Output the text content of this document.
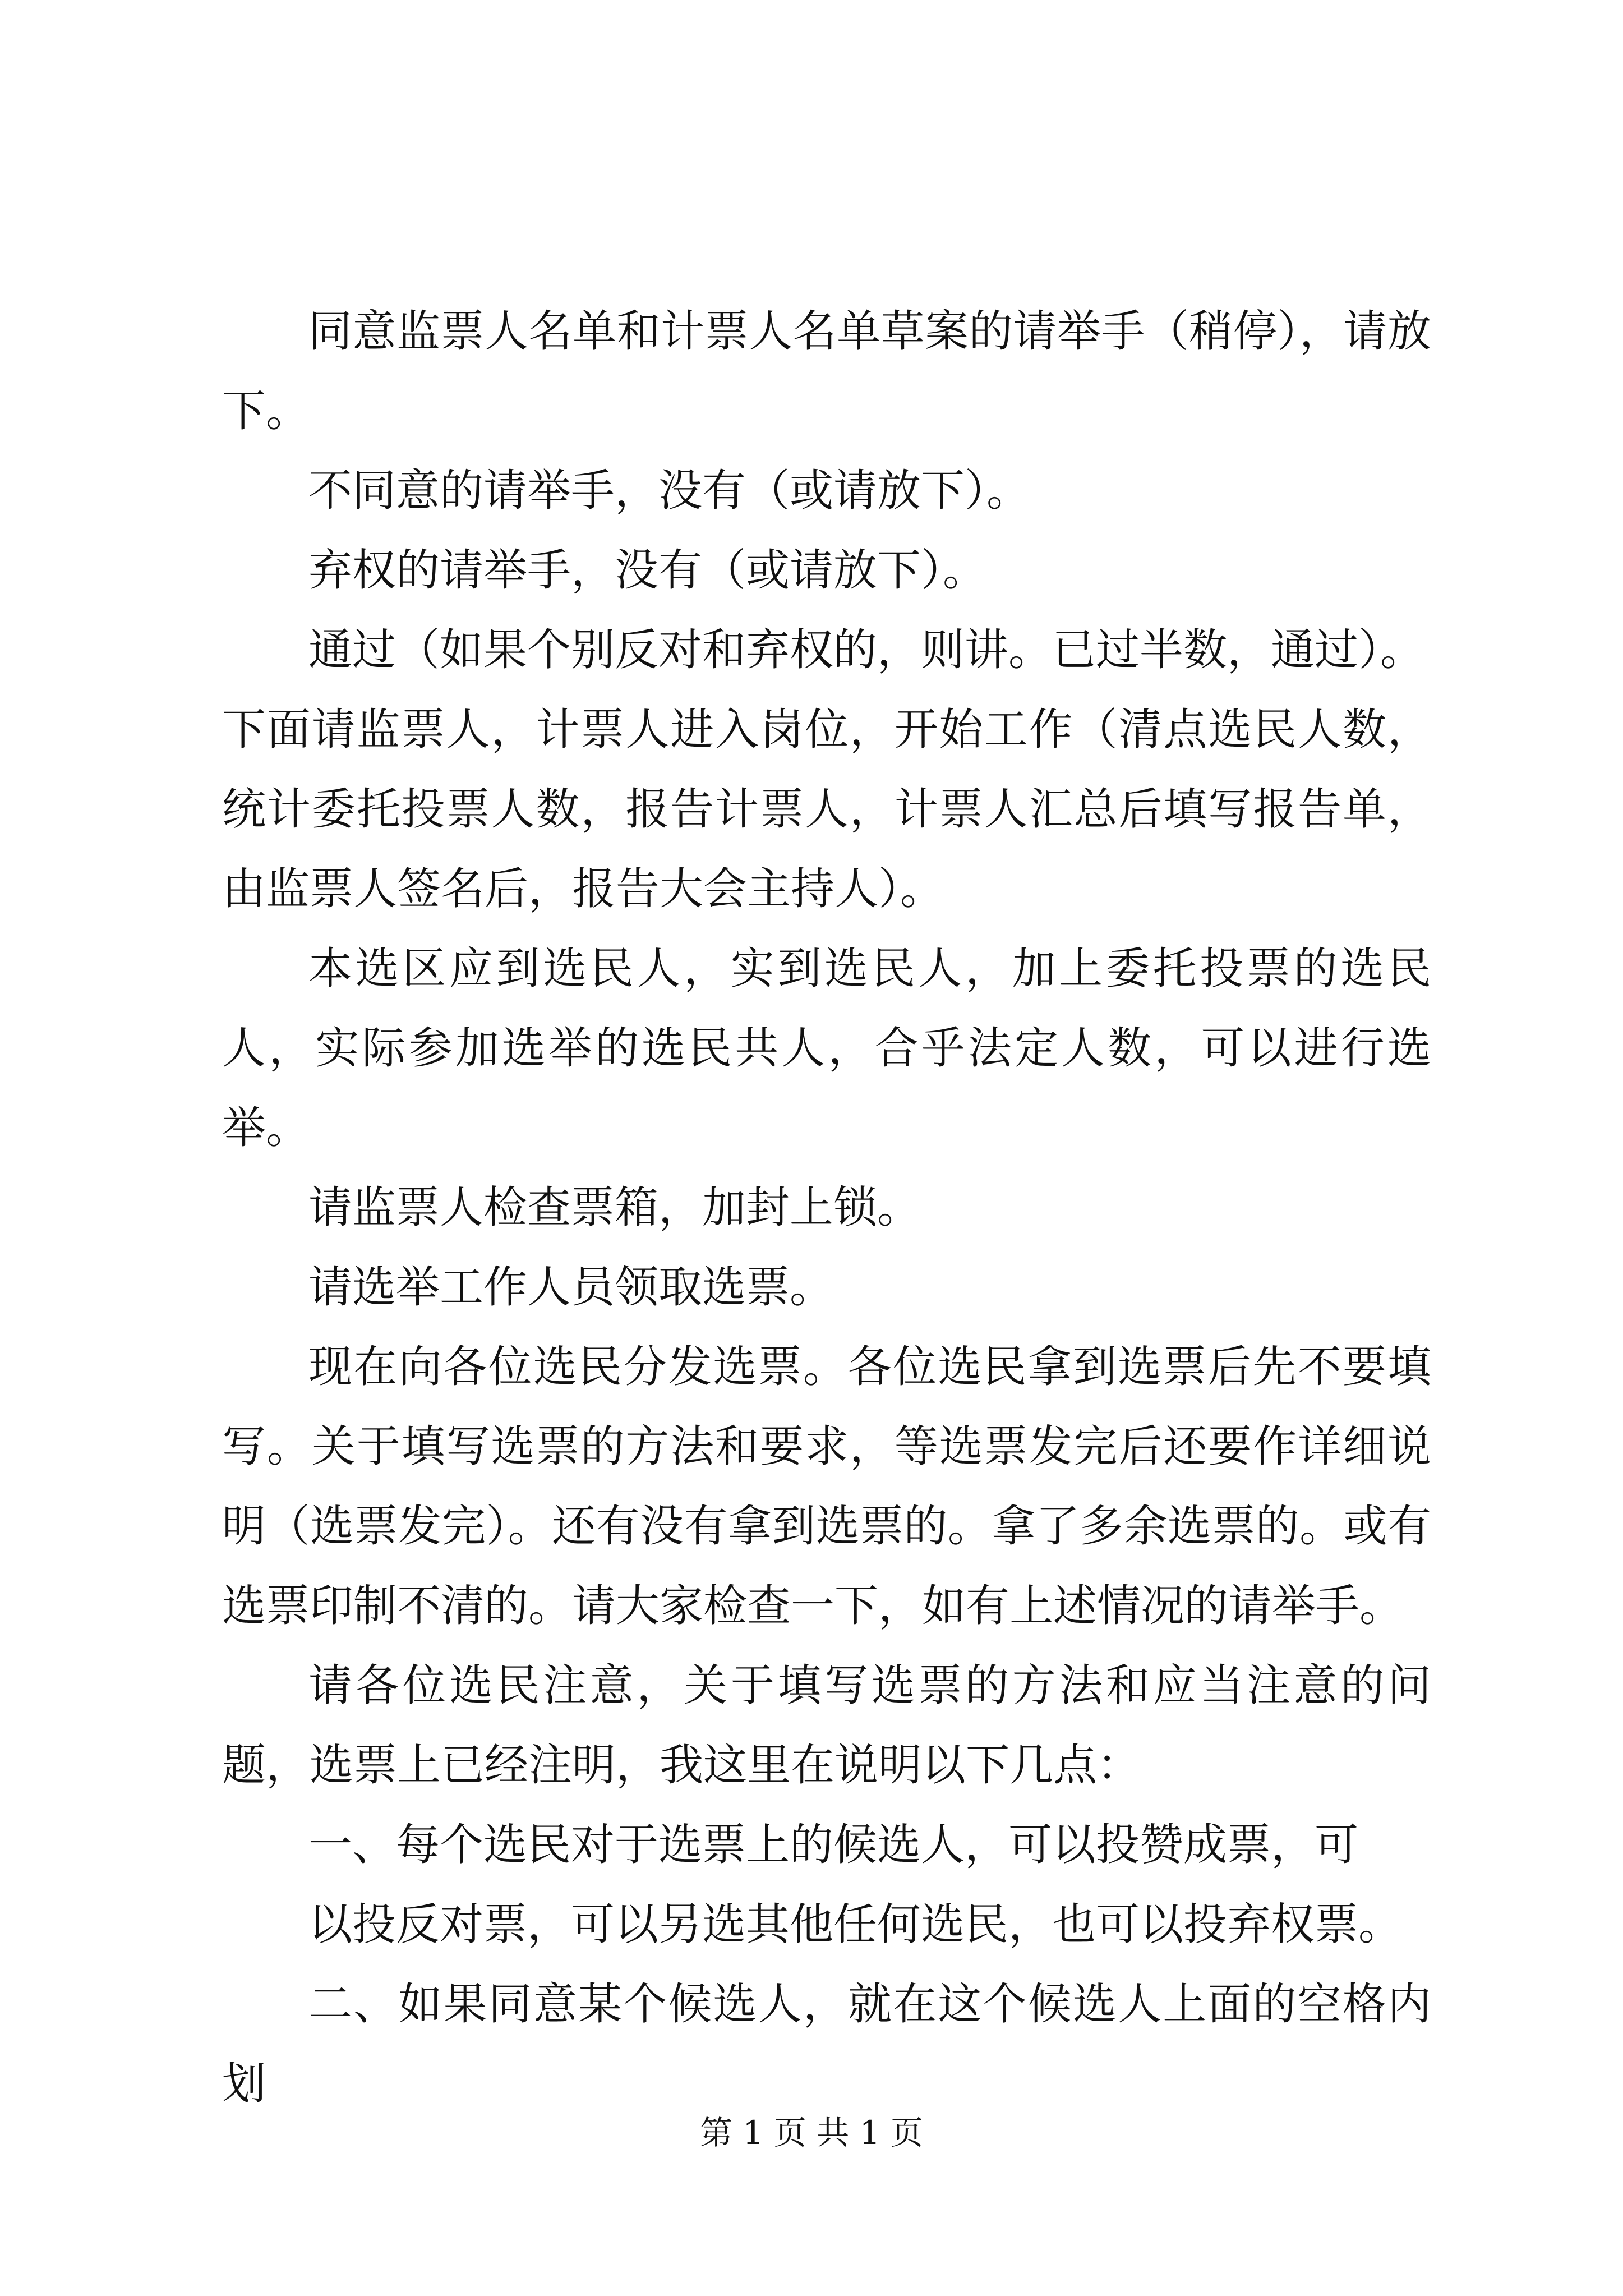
同意监票人名单和计票人名单草案的请举手（稍停），请放下。

不同意的请举手，没有（或请放下）。

弃权的请举手，没有（或请放下）。

通过（如果个别反对和弃权的，则讲。已过半数，通过）。

下面请监票人，计票人进入岗位，开始工作（清点选民人数，统计委托投票人数，报告计票人，计票人汇总后填写报告单，由监票人签名后，报告大会主持人）。

本选区应到选民人，实到选民人，加上委托投票的选民人，实际参加选举的选民共人，合乎法定人数，可以进行选举。

请监票人检查票箱，加封上锁。

请选举工作人员领取选票。

现在向各位选民分发选票。各位选民拿到选票后先不要填写。关于填写选票的方法和要求，等选票发完后还要作详细说明（选票发完）。还有没有拿到选票的。拿了多余选票的。或有选票印制不清的。请大家检查一下，如有上述情况的请举手。

请各位选民注意，关于填写选票的方法和应当注意的问题，选票上已经注明，我这里在说明以下几点：

一、每个选民对于选票上的候选人，可以投赞成票，可

以投反对票，可以另选其他任何选民，也可以投弃权票。

二、如果同意某个候选人，就在这个候选人上面的空格内划

第 1 页 共 1 页
